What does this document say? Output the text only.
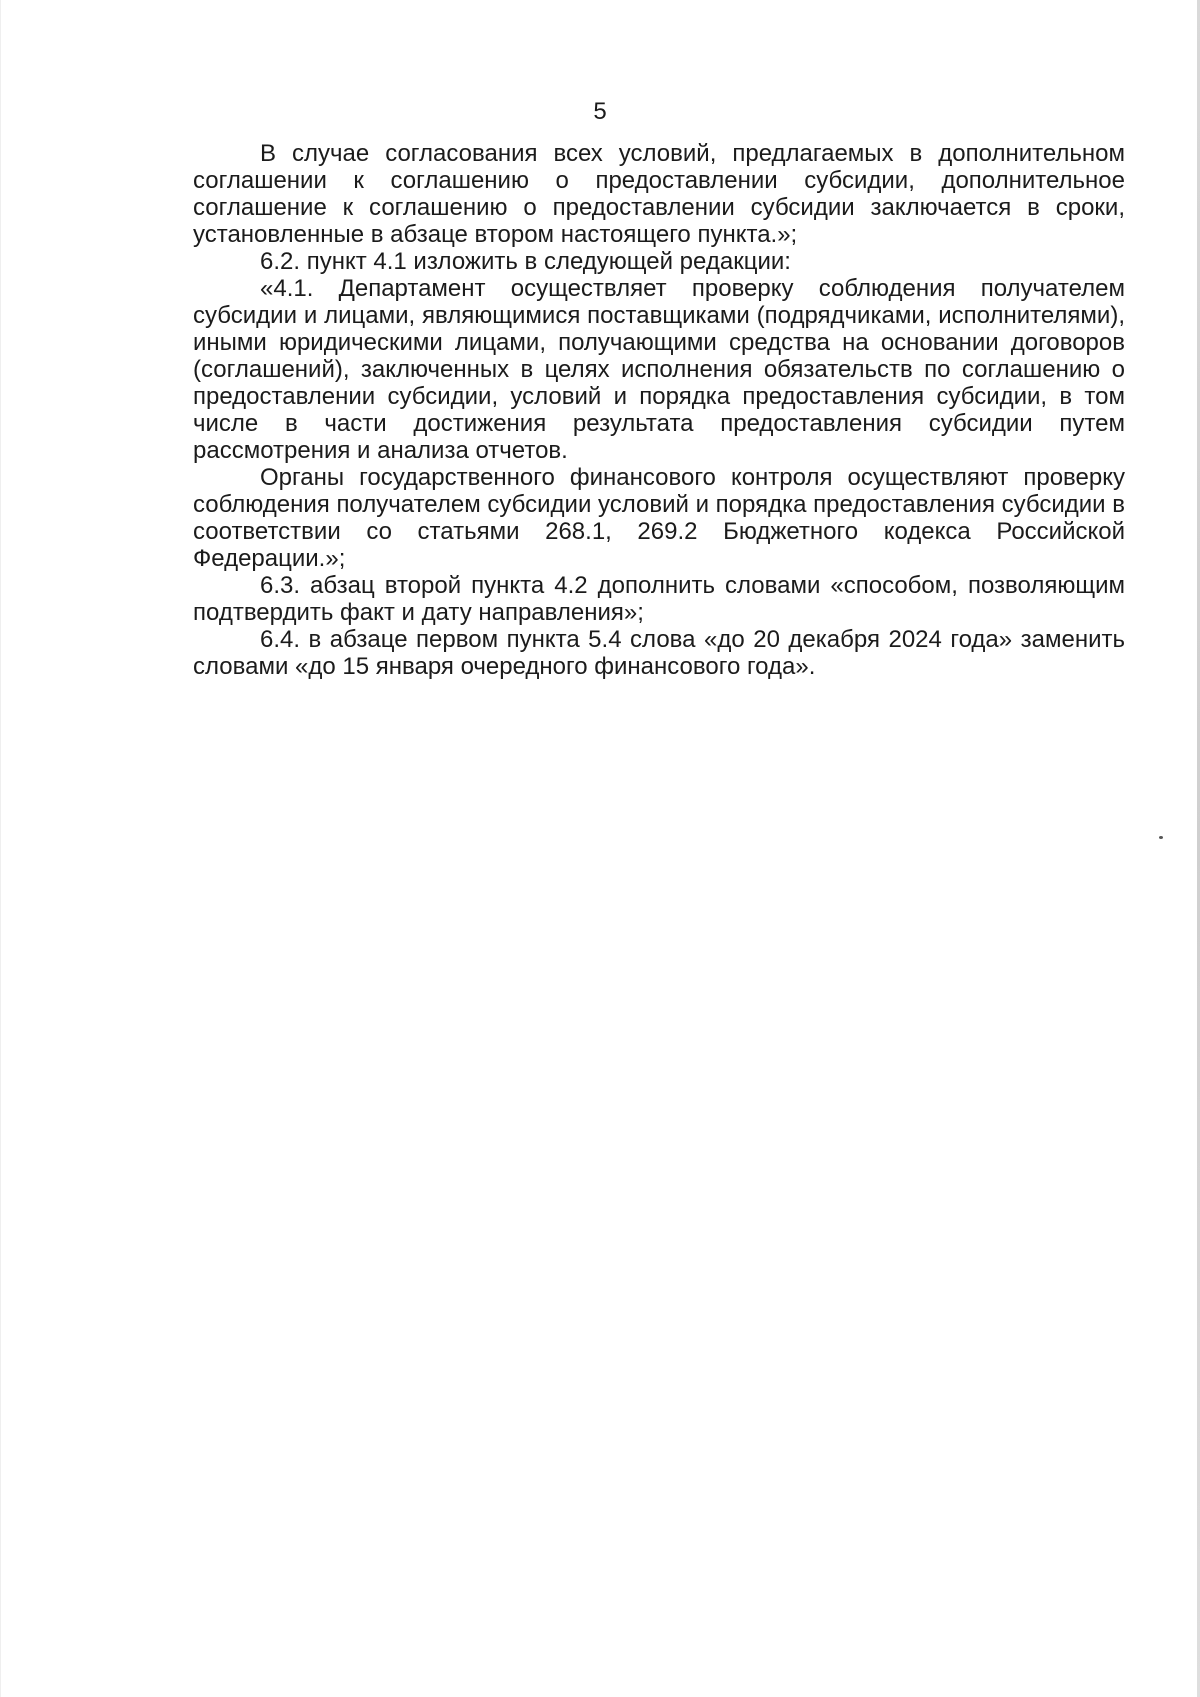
5

В случае согласования всех условий, предлагаемых в дополнительном соглашении к соглашению о предоставлении субсидии, дополнительное соглашение к соглашению о предоставлении субсидии заключается в сроки, установленные в абзаце втором настоящего пункта.»;

6.2. пункт 4.1 изложить в следующей редакции:

«4.1. Департамент осуществляет проверку соблюдения получателем субсидии и лицами, являющимися поставщиками (подрядчиками, исполнителями), иными юридическими лицами, получающими средства на основании договоров (соглашений), заключенных в целях исполнения обязательств по соглашению о предоставлении субсидии, условий и порядка предоставления субсидии, в том числе в части достижения результата предоставления субсидии путем рассмотрения и анализа отчетов.

Органы государственного финансового контроля осуществляют проверку соблюдения получателем субсидии условий и порядка предоставления субсидии в соответствии со статьями 268.1, 269.2 Бюджетного кодекса Российской Федерации.»;

6.3. абзац второй пункта 4.2 дополнить словами «способом, позволяющим подтвердить факт и дату направления»;

6.4. в абзаце первом пункта 5.4 слова «до 20 декабря 2024 года» заменить словами «до 15 января очередного финансового года».
